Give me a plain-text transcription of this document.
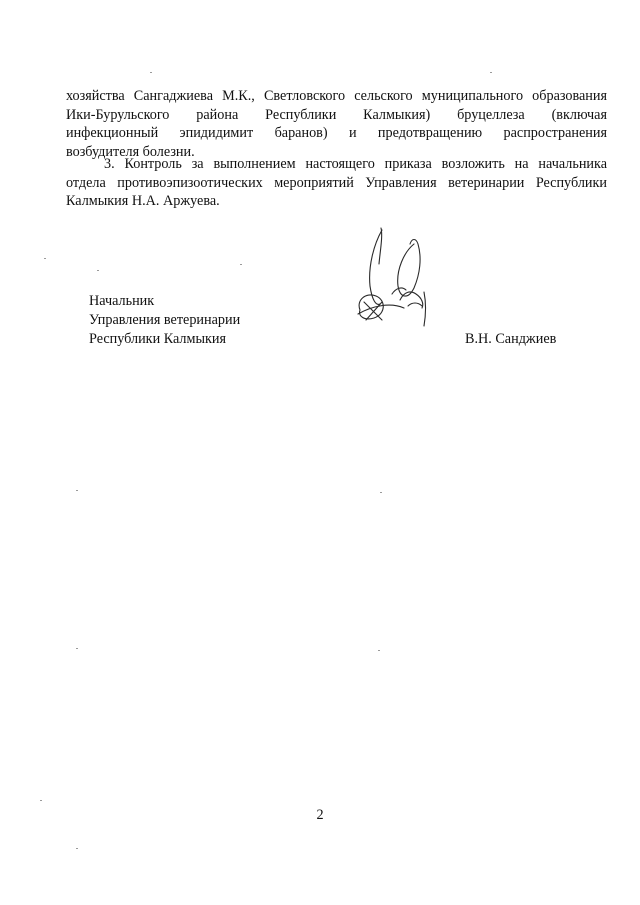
хозяйства Сангаджиева М.К., Светловского сельского муниципального образования
Ики-Бурульского района Республики Калмыкия) бруцеллеза (включая
инфекционный эпидидимит баранов) и предотвращению распространения
возбудителя болезни.
3. Контроль за выполнением настоящего приказа возложить на начальника
отдела противоэпизоотических мероприятий Управления ветеринарии Республики
Калмыкия Н.А. Аржуева.
Начальник
Управления ветеринарии
Республики Калмыкия	В.Н. Санджиев
2
